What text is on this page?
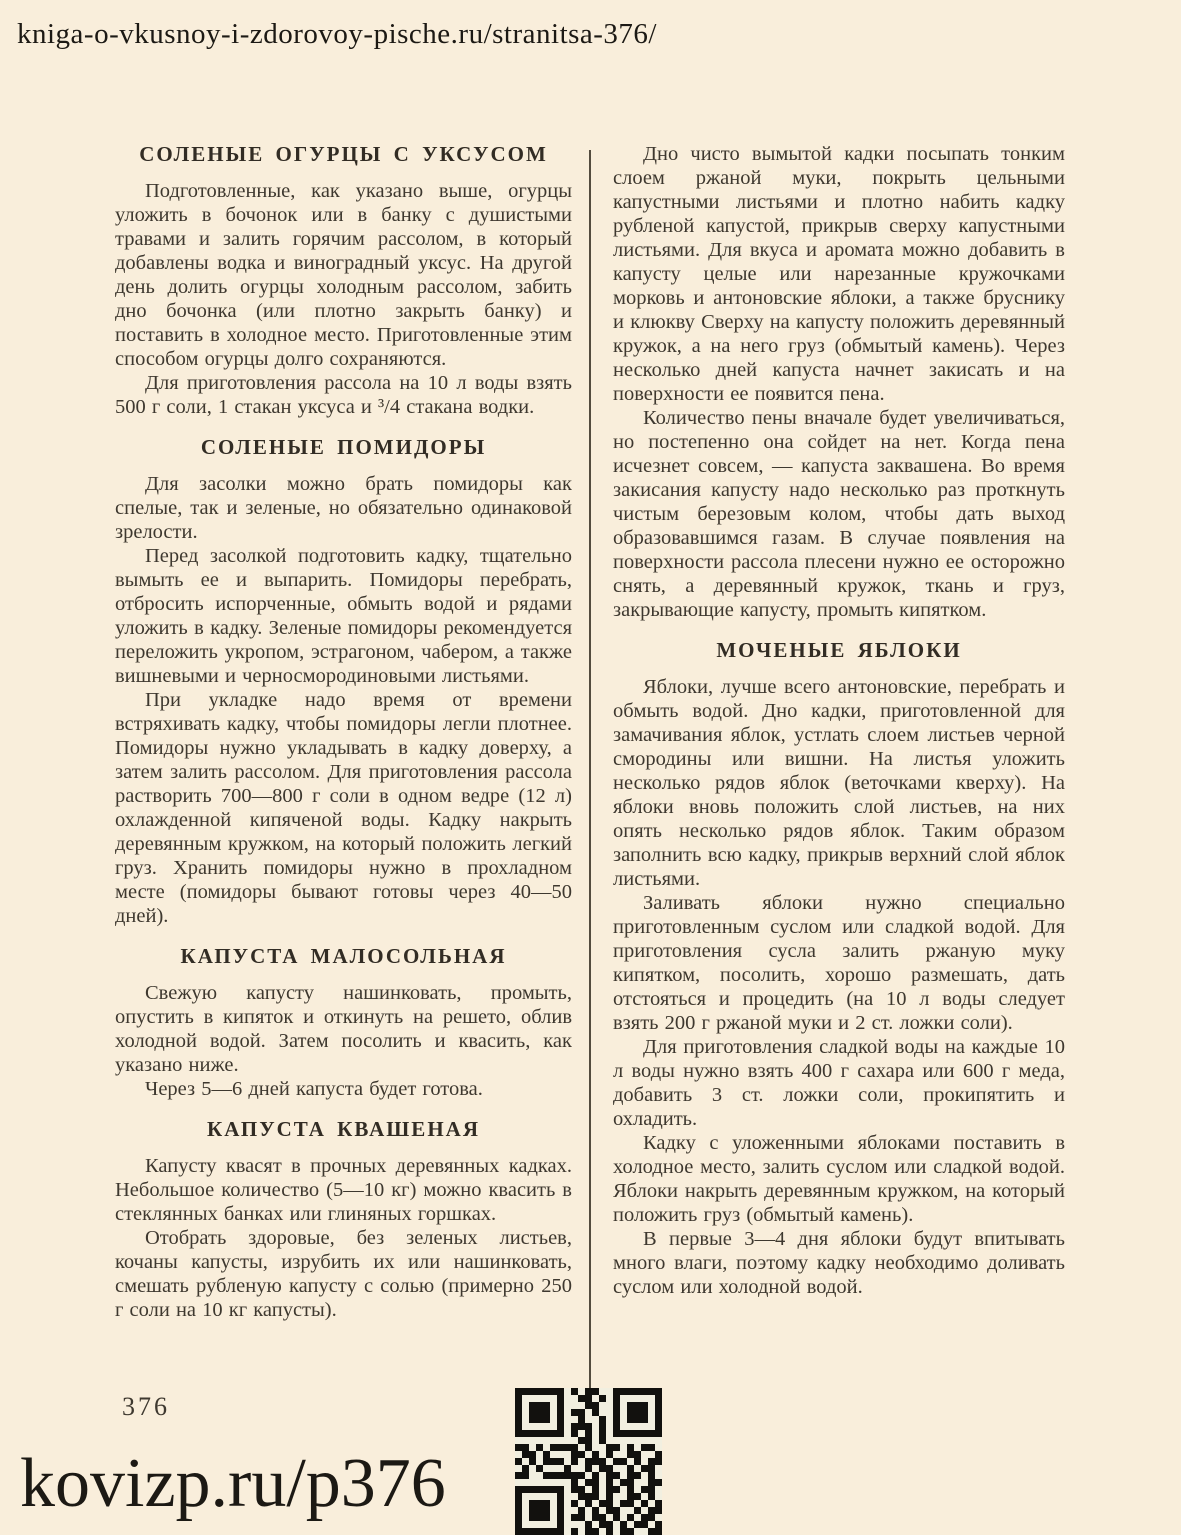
kniga-o-vkusnoy-i-zdorovoy-pische.ru/stranitsa-376/
СОЛЕНЫЕ ОГУРЦЫ С УКСУСОМ

Подготовленные, как указано выше, огурцы уложить в бочонок или в банку с душистыми травами и залить горячим рассолом, в который добавлены водка и виноградный уксус. На другой день долить огурцы холодным рассолом, забить дно бочонка (или плотно закрыть банку) и поставить в холодное место. Приготовленные этим способом огурцы долго сохраняются.

Для приготовления рассола на 10 л воды взять 500 г соли, 1 стакан уксуса и ³/4 стакана водки.

СОЛЕНЫЕ ПОМИДОРЫ

Для засолки можно брать помидоры как спелые, так и зеленые, но обязательно одинаковой зрелости.

Перед засолкой подготовить кадку, тщательно вымыть ее и выпарить. Помидоры перебрать, отбросить испорченные, обмыть водой и рядами уложить в кадку. Зеленые помидоры рекомендуется переложить укропом, эстрагоном, чабером, а также вишневыми и черносмородиновыми листьями.

При укладке надо время от времени встряхивать кадку, чтобы помидоры легли плотнее. Помидоры нужно укладывать в кадку доверху, а затем залить рассолом. Для приготовления рассола растворить 700—800 г соли в одном ведре (12 л) охлажденной кипяченой воды. Кадку накрыть деревянным кружком, на который положить легкий груз. Хранить помидоры нужно в прохладном месте (помидоры бывают готовы через 40—50 дней).

КАПУСТА МАЛОСОЛЬНАЯ

Свежую капусту нашинковать, промыть, опустить в кипяток и откинуть на решето, облив холодной водой. Затем посолить и квасить, как указано ниже.

Через 5—6 дней капуста будет готова.

КАПУСТА КВАШЕНАЯ

Капусту квасят в прочных деревянных кадках. Небольшое количество (5—10 кг) можно квасить в стеклянных банках или глиняных горшках.

Отобрать здоровые, без зеленых листьев, кочаны капусты, изрубить их или нашинковать, смешать рубленую капусту с солью (примерно 250 г соли на 10 кг капусты).

Дно чисто вымытой кадки посыпать тонким слоем ржаной муки, покрыть цельными капустными листьями и плотно набить кадку рубленой капустой, прикрыв сверху капустными листьями. Для вкуса и аромата можно добавить в капусту целые или нарезанные кружочками морковь и антоновские яблоки, а также бруснику и клюкву Сверху на капусту положить деревянный кружок, а на него груз (обмытый камень). Через несколько дней капуста начнет закисать и на поверхности ее появится пена.

Количество пены вначале будет увеличиваться, но постепенно она сойдет на нет. Когда пена исчезнет совсем, — капуста заквашена. Во время закисания капусту надо несколько раз проткнуть чистым березовым колом, чтобы дать выход образовавшимся газам. В случае появления на поверхности рассола плесени нужно ее осторожно снять, а деревянный кружок, ткань и груз, закрывающие капусту, промыть кипятком.

МОЧЕНЫЕ ЯБЛОКИ

Яблоки, лучше всего антоновские, перебрать и обмыть водой. Дно кадки, приготовленной для замачивания яблок, устлать слоем листьев черной смородины или вишни. На листья уложить несколько рядов яблок (веточками кверху). На яблоки вновь положить слой листьев, на них опять несколько рядов яблок. Таким образом заполнить всю кадку, прикрыв верхний слой яблок листьями.

Заливать яблоки нужно специально приготовленным суслом или сладкой водой. Для приготовления сусла залить ржаную муку кипятком, посолить, хорошо размешать, дать отстояться и процедить (на 10 л воды следует взять 200 г ржаной муки и 2 ст. ложки соли).

Для приготовления сладкой воды на каждые 10 л воды нужно взять 400 г сахара или 600 г меда, добавить 3 ст. ложки соли, прокипятить и охладить.

Кадку с уложенными яблоками поставить в холодное место, залить суслом или сладкой водой. Яблоки накрыть деревянным кружком, на который положить груз (обмытый камень).

В первые 3—4 дня яблоки будут впитывать много влаги, поэтому кадку необходимо доливать суслом или холодной водой.

376
kovizp.ru/p376
